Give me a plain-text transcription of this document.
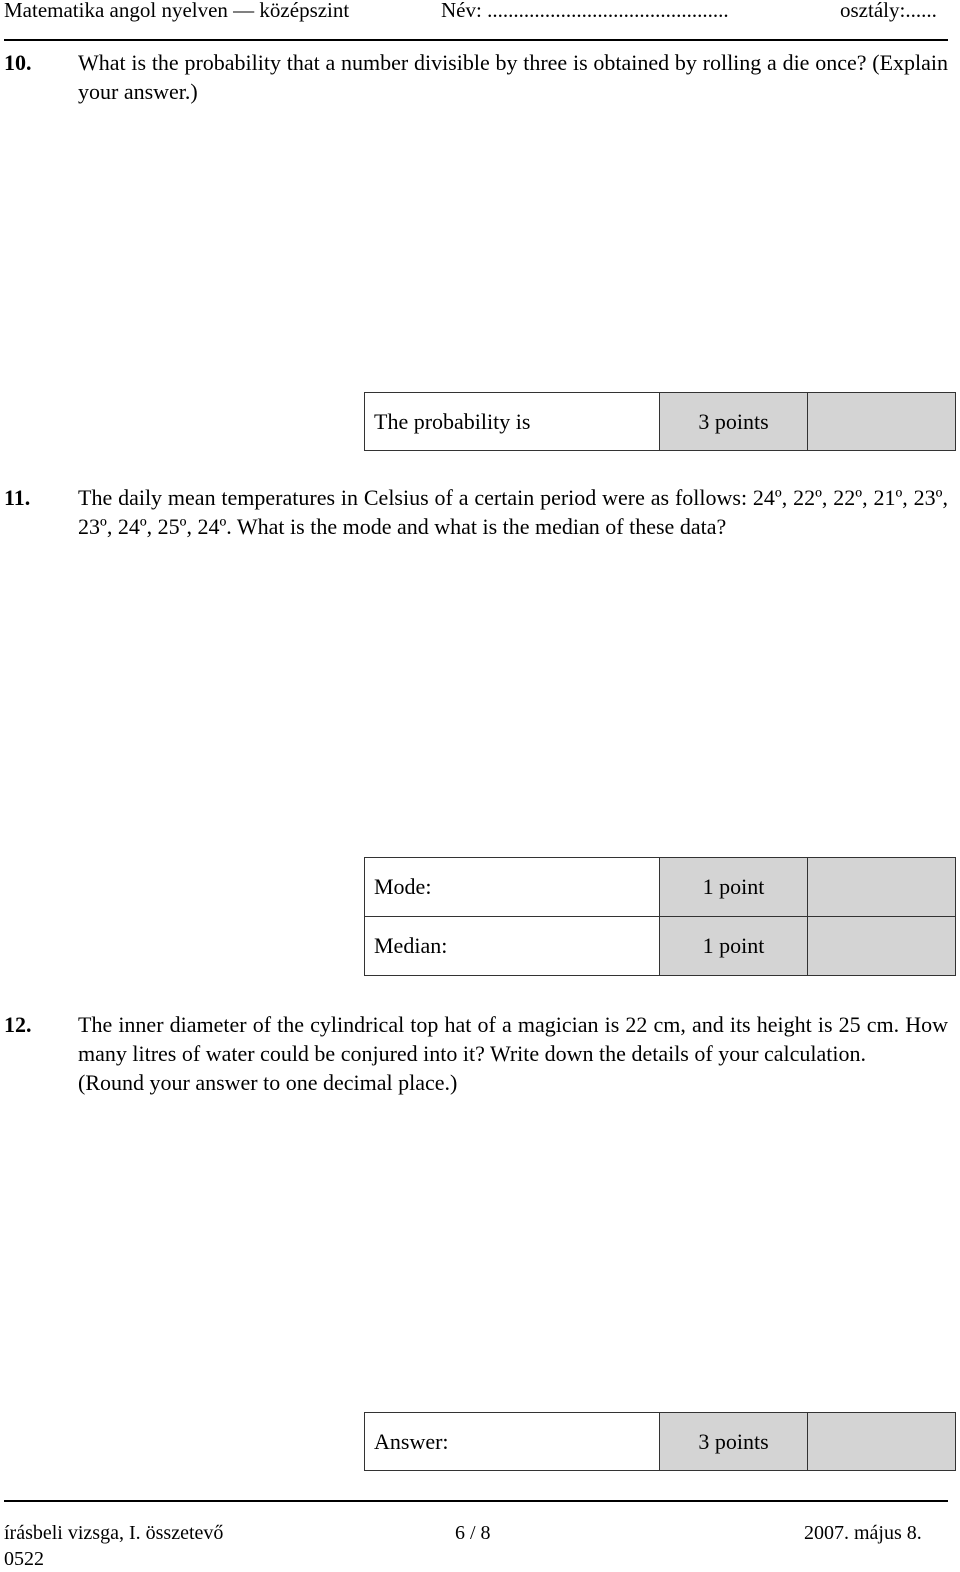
Matematika angol nyelven — középszint	Név: ..............................................	osztály:......
10. What is the probability that a number divisible by three is obtained by rolling a die once? (Explain your answer.)

The probability is	3 points	
11. The daily mean temperatures in Celsius of a certain period were as follows: 24º, 22º, 22º, 21º, 23º, 23º, 24º, 25º, 24º. What is the mode and what is the median of these data?

Mode:	1 point	
Median:	1 point	
12. The inner diameter of the cylindrical top hat of a magician is 22 cm, and its height is 25 cm. How many litres of water could be conjured into it? Write down the details of your calculation.

(Round your answer to one decimal place.)

Answer:	3 points	
írásbeli vizsga, I. összetevő
0522
6 / 8	2007. május 8.
